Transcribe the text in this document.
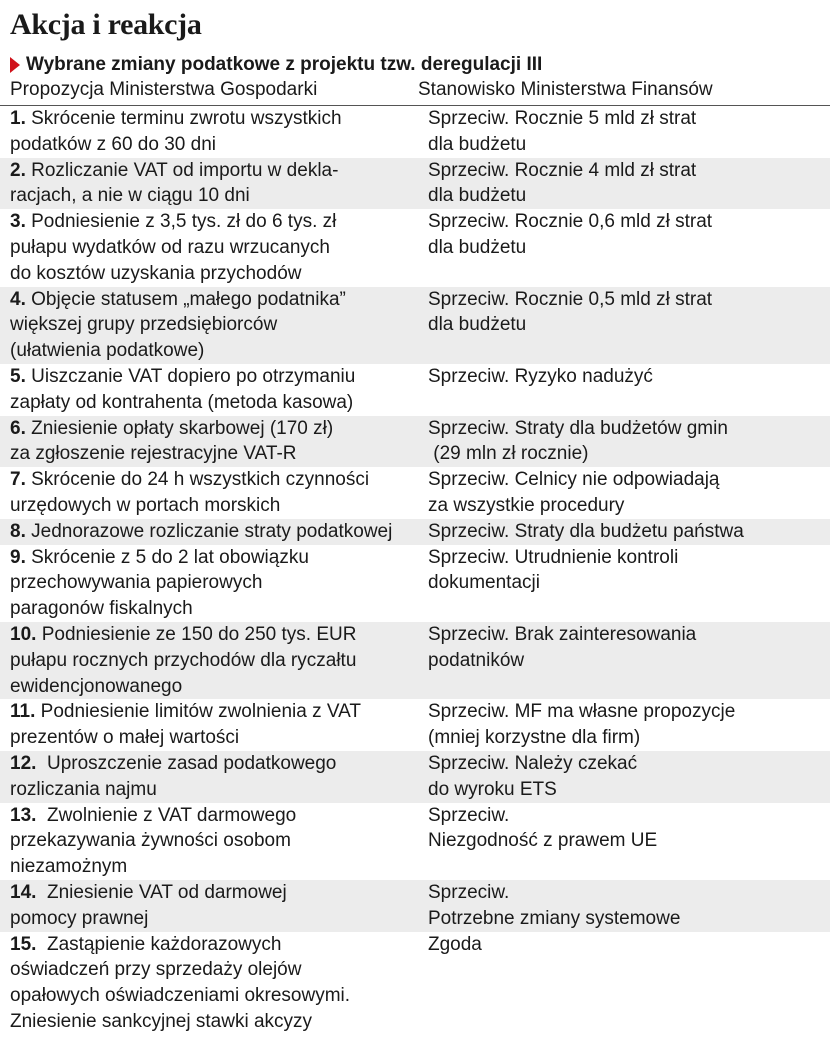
Akcja i reakcja
Wybrane zmiany podatkowe z projektu tzw. deregulacji III
Propozycja Ministerstwa Gospodarki	Stanowisko Ministerstwa Finansów
1. Skrócenie terminu zwrotu wszystkich
podatków z 60 do 30 dni
Sprzeciw. Rocznie 5 mld zł strat
dla budżetu
2. Rozliczanie VAT od importu w dekla-
racjach, a nie w ciągu 10 dni
Sprzeciw. Rocznie 4 mld zł strat
dla budżetu
3. Podniesienie z 3,5 tys. zł do 6 tys. zł
pułapu wydatków od razu wrzucanych
do kosztów uzyskania przychodów
Sprzeciw. Rocznie 0,6 mld zł strat
dla budżetu
4. Objęcie statusem „małego podatnika”
większej grupy przedsiębiorców
(ułatwienia podatkowe)
Sprzeciw. Rocznie 0,5 mld zł strat
dla budżetu
5. Uiszczanie VAT dopiero po otrzymaniu
zapłaty od kontrahenta (metoda kasowa)
Sprzeciw. Ryzyko nadużyć
6. Zniesienie opłaty skarbowej (170 zł)
za zgłoszenie rejestracyjne VAT-R
Sprzeciw. Straty dla budżetów gmin
(29 mln zł rocznie)
7. Skrócenie do 24 h wszystkich czynności
urzędowych w portach morskich
Sprzeciw. Celnicy nie odpowiadają
za wszystkie procedury
8. Jednorazowe rozliczanie straty podatkowej	Sprzeciw. Straty dla budżetu państwa
9. Skrócenie z 5 do 2 lat obowiązku
przechowywania papierowych
paragonów fiskalnych
Sprzeciw. Utrudnienie kontroli
dokumentacji
10. Podniesienie ze 150 do 250 tys. EUR
pułapu rocznych przychodów dla ryczałtu
ewidencjonowanego
Sprzeciw. Brak zainteresowania
podatników
11. Podniesienie limitów zwolnienia z VAT
prezentów o małej wartości
Sprzeciw. MF ma własne propozycje
(mniej korzystne dla firm)
12.  Uproszczenie zasad podatkowego
rozliczania najmu
Sprzeciw. Należy czekać
do wyroku ETS
13.  Zwolnienie z VAT darmowego
przekazywania żywności osobom
niezamożnym
Sprzeciw.
Niezgodność z prawem UE
14.  Zniesienie VAT od darmowej
pomocy prawnej
Sprzeciw.
Potrzebne zmiany systemowe
15.  Zastąpienie każdorazowych
oświadczeń przy sprzedaży olejów
opałowych oświadczeniami okresowymi.
Zniesienie sankcyjnej stawki akcyzy
Zgoda
